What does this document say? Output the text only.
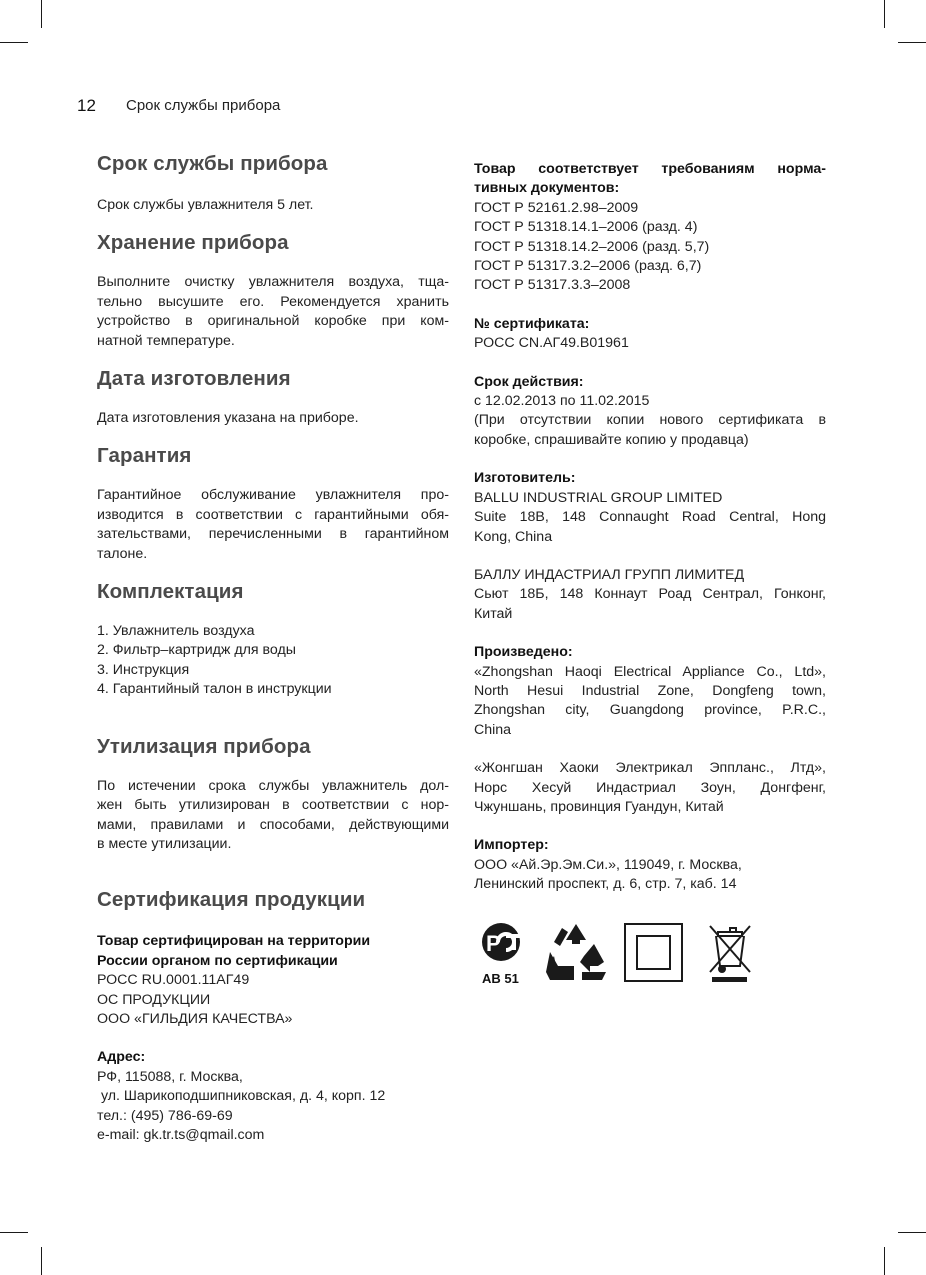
12 Срок службы прибора
Срок службы прибора

Срок службы увлажнителя 5 лет.

Хранение прибора
Выполните очистку увлажнителя воздуха, тща-
тельно высушите его. Рекомендуется хранить
устройство в оригинальной коробке при ком-
натной температуре.
Дата изготовления

Дата изготовления указана на приборе.

Гарантия
Гарантийное обслуживание увлажнителя про-
изводится в соответствии с гарантийными обя-
зательствами, перечисленными в гарантийном
талоне.
Комплектация
1. Увлажнитель воздуха
2. Фильтр–картридж для воды
3. Инструкция
4. Гарантийный талон в инструкции
Утилизация прибора
По истечении срока службы увлажнитель дол-
жен быть утилизирован в соответствии с нор-
мами, правилами и способами, действующими
в месте утилизации.
Сертификация продукции
Товар сертифицирован на территории
России органом по сертификации
РОСС RU.0001.11АГ49
ОС ПРОДУКЦИИ
ООО «ГИЛЬДИЯ КАЧЕСТВА»
Адрес:
РФ, 115088, г. Москва,
ул. Шарикоподшипниковская, д. 4, корп. 12
тел.: (495) 786-69-69
e-mail: gk.tr.ts@qmail.com
Товар соответствует требованиям норма-
тивных документов:
ГОСТ Р 52161.2.98–2009
ГОСТ Р 51318.14.1–2006 (разд. 4)
ГОСТ Р 51318.14.2–2006 (разд. 5,7)
ГОСТ Р 51317.3.2–2006 (разд. 6,7)
ГОСТ Р 51317.3.3–2008
№ сертификата:
РОСС CN.АГ49.В01961
Срок действия:
с 12.02.2013 по 11.02.2015
(При отсутствии копии нового сертификата в
коробке, спрашивайте копию у продавца)
Изготовитель:
BALLU INDUSTRIAL GROUP LIMITED
Suite 18B, 148 Connaught Road Central, Hong
Kong, China
БАЛЛУ ИНДАСТРИАЛ ГРУПП ЛИМИТЕД
Сьют 18Б, 148 Коннаут Роад Сентрал, Гонконг,
Китай
Произведено:
«Zhongshan Haoqi Electrical Appliance Co., Ltd»,
North Hesui Industrial Zone, Dongfeng town,
Zhongshan city, Guangdong province, P.R.C.,
China
«Жонгшан Хаоки Электрикал Эппланс., Лтд»,
Норс Хесуй Индастриал Зоун, Донгфенг,
Чжуншань, провинция Гуандун, Китай
Импортер:
ООО «Ай.Эр.Эм.Си.», 119049, г. Москва,
Ленинский проспект, д. 6, стр. 7, каб. 14
P
АВ 51
